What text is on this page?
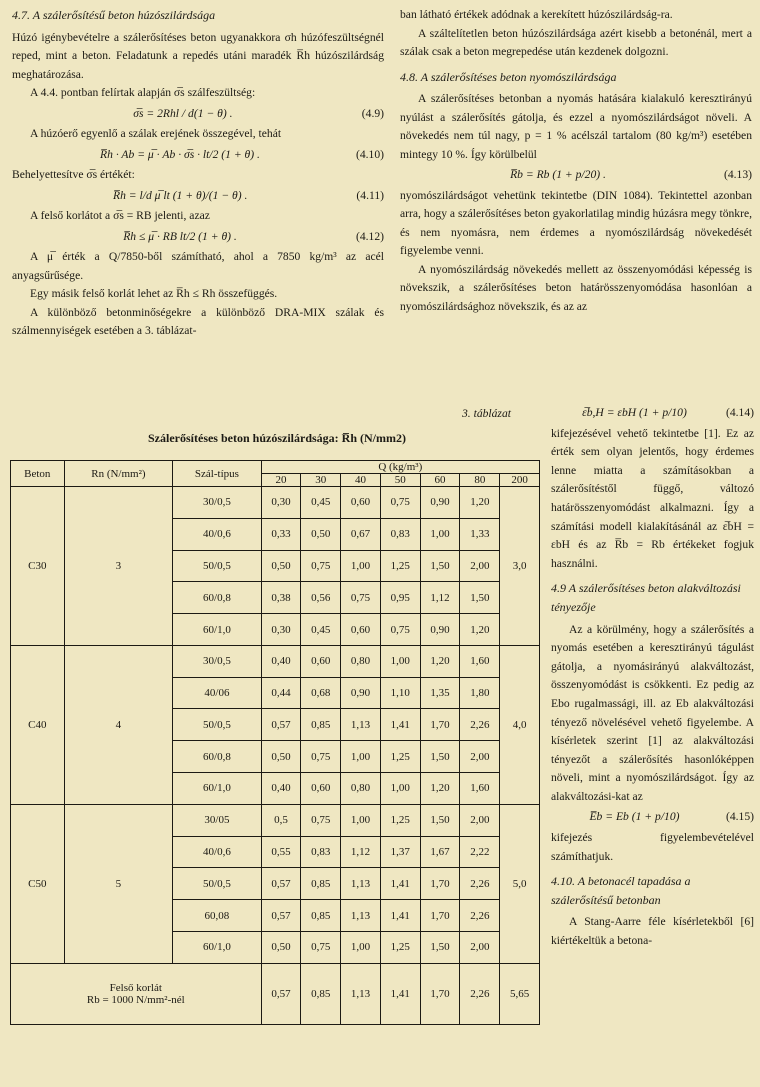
4.7. A szálerősítésű beton húzószilárdsága

Húzó igénybevételre a szálerősítéses beton ugyanakkora σh húzófeszültségnél reped, mint a beton. Feladatunk a repedés utáni maradék R̅h húzószilárdság meghatározása.

A 4.4. pontban felírtak alapján σ̅s szálfeszültség:

σ̅s = 2Rhl / d(1 − θ) .	(4.9)

A húzóerő egyenlő a szálak erejének összegével, tehát

R̅h · Ab = μ̅ · Ab · σ̅s · lt/2 (1 + θ) .	(4.10)

Behelyettesítve σ̅s értékét:

R̅h = l/d μ̅ lt (1 + θ)/(1 − θ) .	(4.11)

A felső korlátot a σ̅s = RB jelenti, azaz

R̅h ≤ μ̅ · RB lt/2 (1 + θ) .	(4.12)

A μ̅ érték a Q/7850-ből számítható, ahol a 7850 kg/m³ az acél anyagsűrűsége.

Egy másik felső korlát lehet az R̅h ≤ Rh összefüggés.

A különböző betonminőségekre a különböző DRA-MIX szálak és szálmennyiségek esetében a 3. táblázat-

ban látható értékek adódnak a kerekített húzószilárdság-ra.

A száltelítetlen beton húzószilárdsága azért kisebb a betonénál, mert a szálak csak a beton megrepedése után kezdenek dolgozni.

4.8. A szálerősítéses beton nyomószilárdsága

A szálerősítéses betonban a nyomás hatására kialakuló keresztirányú nyúlást a szálerősítés gátolja, és ezzel a nyomószilárdságot növeli. A növekedés nem túl nagy, p = 1 % acélszál tartalom (80 kg/m³) esetében mintegy 10 %. Így körülbelül

R̅b = Rb (1 + p/20) .	(4.13)

nyomószilárdságot vehetünk tekintetbe (DIN 1084). Tekintettel azonban arra, hogy a szálerősítéses beton gyakorlatilag mindig húzásra megy tönkre, és nem nyomásra, nem érdemes a nyomószilárdság növekedését figyelembe venni.

A nyomószilárdság növekedés mellett az összenyomódási képesség is növekszik, a szálerősítéses beton határösszenyomódása hasonlóan a nyomószilárdsághoz növekszik, és az az

3. táblázat	ε̅b,H = εbH (1 + p/10)	(4.14)

kifejezésével vehető tekintetbe [1]. Ez az érték sem olyan jelentős, hogy érdemes lenne miatta a számításokban a szálerősítéstől függő, változó határösszenyomódást alkalmazni. Így a számítási modell kialakításánál az ε̅bH = εbH és az R̅b = Rb értékeket fogjuk használni.

4.9 A szálerősítéses beton alakváltozási tényezője

Az a körülmény, hogy a szálerősítés a nyomás esetében a keresztirányú tágulást gátolja, a nyomásirányú alakváltozást, összenyomódást is csökkenti. Ez pedig az Ebo rugalmassági, ill. az Eb alakváltozási tényező növelésével vehető figyelembe. A kísérletek szerint [1] az alakváltozási tényezőt a szálerősítés hasonlóképpen növeli, mint a nyomószilárdságot. Így az alakváltozási-kat az

E̅b = Eb (1 + p/10)	(4.15)

kifejezés figyelembevételével számíthatjuk.

4.10. A betonacél tapadása a szálerősítésű betonban

A Stang-Aarre féle kísérletekből [6] kiértékeltük a betona-

Szálerősítéses beton húzószilárdsága: R̅h (N/mm2)
Beton	Rn (N/mm²)	Szál-típus	Q (kg/m³)						
			20	30	40	50	60	80	200
C30	3	30/0,5	0,30	0,45	0,60	0,75	0,90	1,20	3,0
		40/0,6	0,33	0,50	0,67	0,83	1,00	1,33	
		50/0,5	0,50	0,75	1,00	1,25	1,50	2,00	
		60/0,8	0,38	0,56	0,75	0,95	1,12	1,50	
		60/1,0	0,30	0,45	0,60	0,75	0,90	1,20	
C40	4	30/0,5	0,40	0,60	0,80	1,00	1,20	1,60	4,0
		40/06	0,44	0,68	0,90	1,10	1,35	1,80	
		50/0,5	0,57	0,85	1,13	1,41	1,70	2,26	
		60/0,8	0,50	0,75	1,00	1,25	1,50	2,00	
		60/1,0	0,40	0,60	0,80	1,00	1,20	1,60	
C50	5	30/05	0,5	0,75	1,00	1,25	1,50	2,00	5,0
		40/0,6	0,55	0,83	1,12	1,37	1,67	2,22	
		50/0,5	0,57	0,85	1,13	1,41	1,70	2,26	
		60,08	0,57	0,85	1,13	1,41	1,70	2,26	
		60/1,0	0,50	0,75	1,00	1,25	1,50	2,00	

Felső korlát
Rb = 1000 N/mm²-nél			0,57	0,85	1,13	1,41	1,70	2,26	5,65
